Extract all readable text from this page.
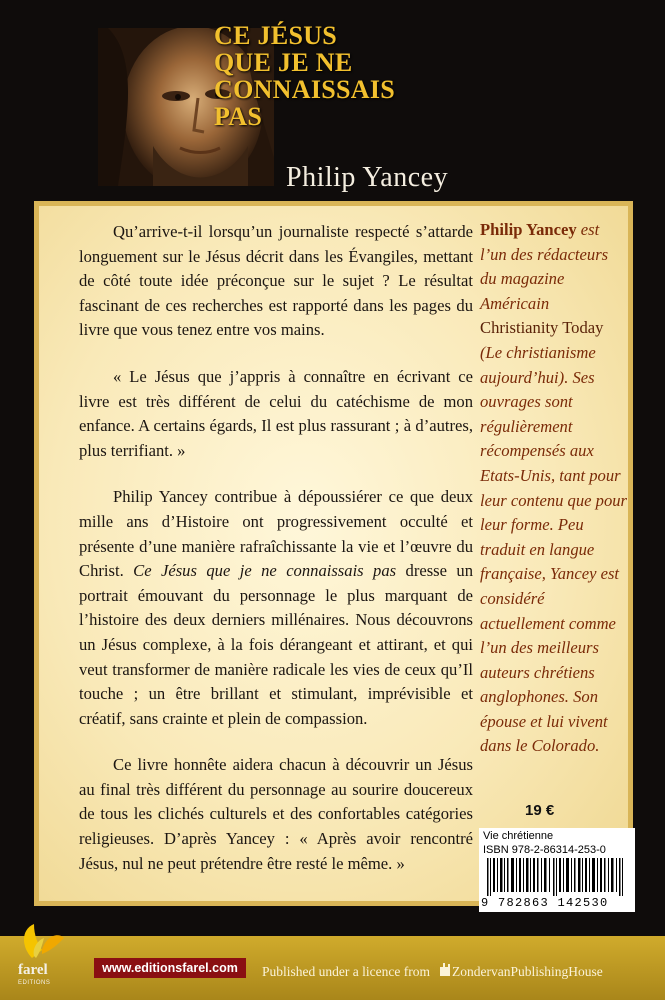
CE JÉSUS
QUE JE NE
CONNAISSAIS
PAS
Philip Yancey

Qu’arrive-t-il lorsqu’un journaliste respecté s’attarde longuement sur le Jésus décrit dans les Évangiles, mettant de côté toute idée préconçue sur le sujet ? Le résultat fascinant de ces recherches est rapporté dans les pages du livre que vous tenez entre vos mains.

« Le Jésus que j’appris à connaître en écrivant ce livre est très différent de celui du catéchisme de mon enfance. A certains égards, Il est plus rassurant ; à d’autres, plus terrifiant. »

Philip Yancey contribue à dépoussiérer ce que deux mille ans d’Histoire ont progressivement occulté et présente d’une manière rafraîchissante la vie et l’œuvre du Christ. Ce Jésus que je ne connaissais pas dresse un portrait émouvant du personnage le plus marquant de l’histoire des deux derniers millénaires. Nous découvrons un Jésus complexe, à la fois dérangeant et attirant, et qui veut transformer de manière radicale les vies de ceux qu’Il touche ; un être brillant et stimulant, imprévisible et créatif, sans crainte et plein de compassion.

Ce livre honnête aidera chacun à découvrir un Jésus au final très différent du personnage au sourire doucereux de tous les clichés culturels et des confortables catégories religieuses. D’après Yancey : « Après avoir rencontré Jésus, nul ne peut prétendre être resté le même. »

Philip Yancey est l’un des rédacteurs du magazine Américain Christianity Today (Le christianisme aujourd’hui). Ses ouvrages sont régulièrement récompensés aux Etats-Unis, tant pour leur contenu que pour leur forme. Peu traduit en langue française, Yancey est considéré actuellement comme l’un des meilleurs auteurs chrétiens anglophones. Son épouse et lui vivent dans le Colorado.
19 €
Vie chrétienne
ISBN 978-2-86314-253-0
9 782863 142530
farel
EDITIONS
www.editionsfarel.com	Published under a licence from ZondervanPublishingHouse
